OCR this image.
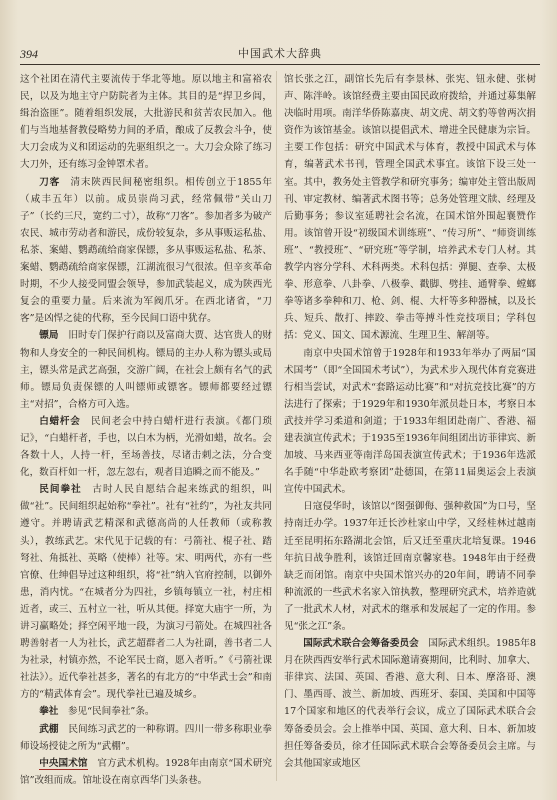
394	中国武术大辞典

这个社团在清代主要流传于华北等地。原以地主和富裕农民，以及为地主守户防院者为主体。其目的是“捍卫乡闾，缉治盗匪”。随着组织发展，大批游民和贫苦农民加入。他们与当地基督教侵略势力间的矛盾，酿成了反教会斗争，使大刀会成为义和团运动的先驱组织之一。大刀会众除了练习大刀外，还有练习金钟罩术者。

刀客　 清末陕西民间秘密组织。相传创立于1855年（咸丰五年）以前。成员崇尚习武，经常佩带“关山刀子”（长约三尺，宽约二寸），故称“刀客”。参加者多为破产农民、城市劳动者和游民，成份较复杂，多从事贩运私盐、私茶、案蜡、鹦鹉疏给商家保镖，多从事贩运私盐、私茶、案蜡、鹦鹉疏给商家保镖，江湖流很习气很浓。但辛亥革命时期，不少人接受同盟会领导，参加武装起义，成为陕西光复会的重要力量。后来流为军阀爪牙。在西北诸省，“刀客”是凶悍之徒的代称，至今民间口语中犹存。

镖局　 旧时专门保护行商以及富商大贾、达官贵人的财物和人身安全的一种民间机构。镖局的主办人称为镖头或局主，镖头常是武艺高强，交游广阔，在社会上颇有名气的武师。镖局负责保镖的人叫镖师或镖客。镖师都要经过镖主“对招”，合格方可入选。

白蜡杆会　 民间老会中持白蜡杆进行表演。《都门琐记》，“白蜡杆者，手也，以白木为柄，光滑如蜡，故名。会各数十人，人持一杆，至场善技，尽诸击刺之法，分合变化，数百杆如一杆，忽左忽右，观者目追瞬之而不能及。”

民间拳社　 古时人民自愿结合起来练武的组织，叫做“社”。民间组织起始称“拳社”。社有“社约”，为社友共同遵守。并聘请武艺精深和武德高尚的人任教师（或称教头），教练武艺。宋代见于记载的有：弓箭社、棍子社、踏弩社、角抵社、英略（使棒）社等。宋、明两代，亦有一些官僚、仕绅倡导过这种组织，将“社”纳入官府控制，以御外患，消内忧。“在城者分为四社，乡镇每镇立一社，村庄相近者，或三、五村立一社，听从其便。择宽大庙宇一所，为讲习赢略处；择空闲平地一段，为演习弓箭处。在城四社各聘善射者一人为社长，武艺超群者二人为社副，善书者二人为社录，村镇亦然，不论军民士商，愿入者听。”《弓箭社课社法》）。近代拳社甚多，著名的有北方的“中华武士会”和南方的“精武体育会”。现代拳社已遍及城乡。

拳社　 参见“民间拳社”条。

武棚　 民间练习武艺的一种称谓。四川一带多称职业拳师设场授徒之所为“武棚”。

中央国术馆　 官方武术机构。1928年由南京“国术研究馆”改组而成。馆址设在南京西华门头条巷。

馆长张之江，副馆长先后有李景林、张宪、钮永健、张树声、陈泮岭。该馆经费主要由国民政府拨给，并通过募集解决临时用项。南洋华侨陈嘉庚、胡文虎、胡文豹等曾两次捐资作为该馆基金。该馆以提倡武术、增进全民健康为宗旨。主要工作包括：研究中国武术与体育，教授中国武术与体育，编著武术书刊，管理全国武术事宜。该馆下设三处一室。其中，教务处主管教学和研究事务；编审处主管出版周刊、审定教材、编著武术图书等；总务处管理文牍、经理及后勤事务；参议室延聘社会名流，在国术馆外围起襄赞作用。该馆曾开设“初级国术训练班”、“传习所”、“师资训练班”、“教授班”、“研究班”等学制，培养武术专门人材。其教学内容分学科、术科两类。术科包括：弹腿、查拳、太极拳、形意拳、八卦拳、八极拳、戳脚、劈挂、通臂拳、螳螂拳等诸多拳种和刀、枪、剑、棍、大杆等多种器械，以及长兵、短兵、散打、摔跤、拳击等搏斗性竞技项目；学科包括：党义、国文、国术源流、生理卫生、解剖等。

南京中央国术馆曾于1928年和1933年举办了两届“国术国考”（即“全国国术考试”），为武术步入现代体育竞赛进行相当尝试，对武术“套路运动比赛”和“对抗竞技比赛”的方法进行了探索；于1929年和1930年派员赴日本，考察日本武技并学习柔道和剑道；于1933年组团赴南广、香港、福建表演宣传武术；于1935至1936年间组团出访菲律宾、新加坡、马来西亚等南洋岛国表演宣传武术；于1936年选派名手随“中华赴欧考察团”赴德国，在第11届奥运会上表演宣传中国武术。

日寇侵华时，该馆以“图强御侮、强种救国”为口号，坚持南迁办学。1937年迁长沙杜家山中学，又经桂林过越南迁至昆明拓东路湖北会馆，后又迁至重庆北培复课。1946年抗日战争胜利，该馆迁回南京馨家巷。1948年由于经费缺乏而闭馆。南京中央国术馆兴办的20年间，聘请不同拳种流派的一些武术名家入馆执教，整理研究武术，培养造就了一批武术人材，对武术的继承和发展起了一定的作用。参见“张之江”条。

国际武术联合会筹备委员会　 国际武术组织。1985年8月在陕西西安举行武术国际邀请赛期间，比利时、加拿大、菲律宾、法国、英国、香港、意大利、日本、摩洛哥、澳门、墨西哥、波兰、新加坡、西班牙、泰国、美国和中国等17个国家和地区的代表举行会议，成立了国际武术联合会筹备委员会。会上推举中国、英国、意大利、日本、新加坡担任筹备委员，徐才任国际武术联合会筹备委员会主席。与会其他国家或地区
